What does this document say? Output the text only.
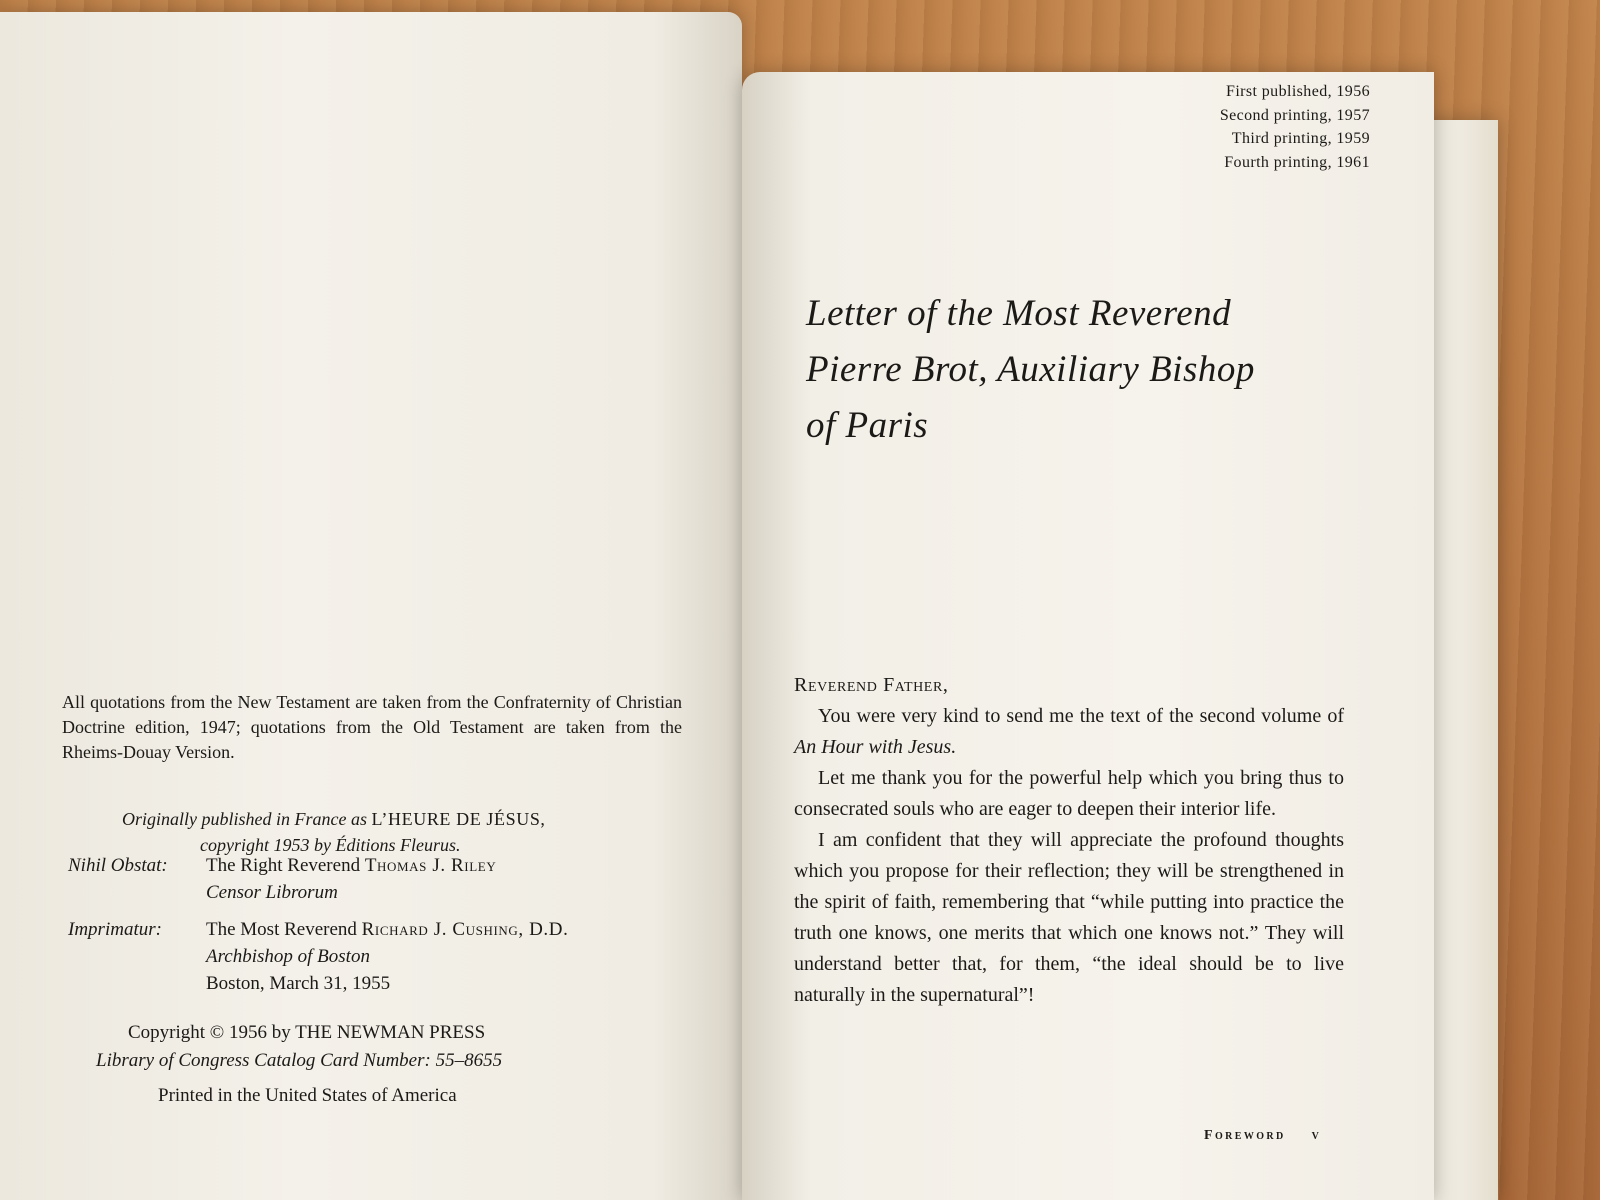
First published, 1956
Second printing, 1957
Third printing, 1959
Fourth printing, 1961
All quotations from the New Testament are taken from the Confraternity of Christian Doctrine edition, 1947; quotations from the Old Testament are taken from the Rheims-Douay Version.
Originally published in France as L’HEURE DE JÉSUS,
copyright 1953 by Éditions Fleurus.
Nihil Obstat: The Right Reverend Thomas J. Riley
Censor Librorum
Imprimatur: The Most Reverend Richard J. Cushing, D.D.
Archbishop of Boston
Boston, March 31, 1955
Copyright © 1956 by THE NEWMAN PRESS
Library of Congress Catalog Card Number: 55–8655
Printed in the United States of America
Letter of the Most Reverend
Pierre Brot, Auxiliary Bishop
of Paris

Reverend Father,

You were very kind to send me the text of the second volume of An Hour with Jesus.

Let me thank you for the powerful help which you bring thus to consecrated souls who are eager to deepen their interior life.

I am confident that they will appreciate the profound thoughts which you propose for their reflection; they will be strengthened in the spirit of faith, remembering that “while putting into practice the truth one knows, one merits that which one knows not.” They will understand better that, for them, “the ideal should be to live naturally in the supernatural”!

Foreword v
